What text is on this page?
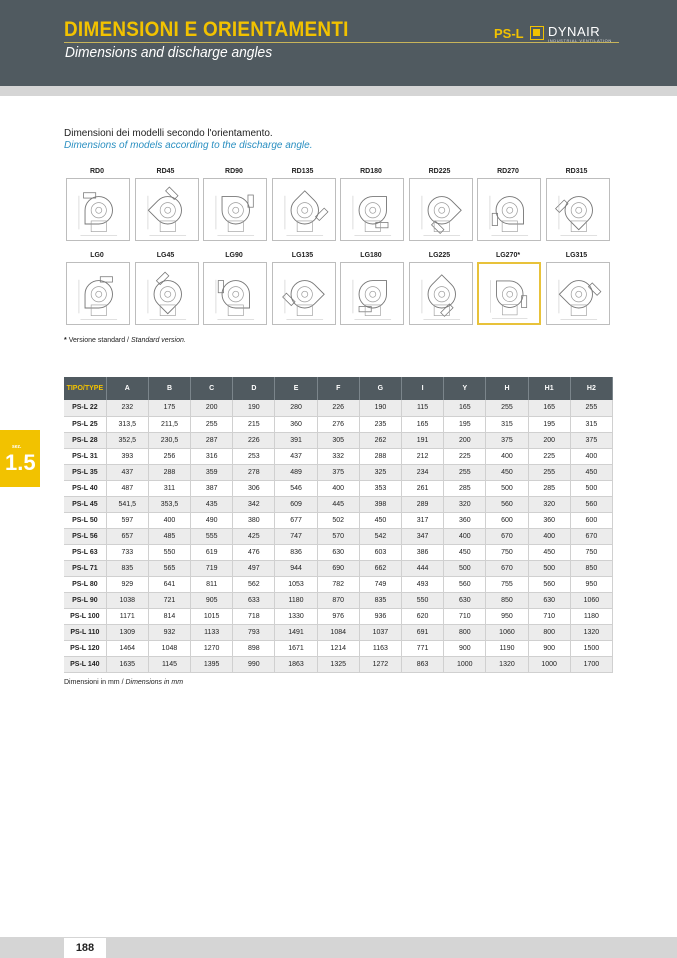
DIMENSIONI E ORIENTAMENTI
Dimensions and discharge angles
PS-L DYNAIR
INDUSTRIAL VENTILATION
Dimensioni dei modelli secondo l'orientamento.
Dimensions of models according to the discharge angle.
RD0	RD45	RD90	RD135	RD180	RD225	RD270	RD315
LG0	LG45	LG90	LG135	LG180	LG225	LG270*	LG315
* Versione standard / Standard version.
sez.
1.5
TIPO/TYPE	A	B	C	D	E	F	G	I	Y	H	H1	H2
PS-L 22	232	175	200	190	280	226	190	115	165	255	165	255
PS-L 25	313,5	211,5	255	215	360	276	235	165	195	315	195	315
PS-L 28	352,5	230,5	287	226	391	305	262	191	200	375	200	375
PS-L 31	393	256	316	253	437	332	288	212	225	400	225	400
PS-L 35	437	288	359	278	489	375	325	234	255	450	255	450
PS-L 40	487	311	387	306	546	400	353	261	285	500	285	500
PS-L 45	541,5	353,5	435	342	609	445	398	289	320	560	320	560
PS-L 50	597	400	490	380	677	502	450	317	360	600	360	600
PS-L 56	657	485	555	425	747	570	542	347	400	670	400	670
PS-L 63	733	550	619	476	836	630	603	386	450	750	450	750
PS-L 71	835	565	719	497	944	690	662	444	500	670	500	850
PS-L 80	929	641	811	562	1053	782	749	493	560	755	560	950
PS-L 90	1038	721	905	633	1180	870	835	550	630	850	630	1060
PS-L 100	1171	814	1015	718	1330	976	936	620	710	950	710	1180
PS-L 110	1309	932	1133	793	1491	1084	1037	691	800	1060	800	1320
PS-L 120	1464	1048	1270	898	1671	1214	1163	771	900	1190	900	1500
PS-L 140	1635	1145	1395	990	1863	1325	1272	863	1000	1320	1000	1700
Dimensioni in mm / Dimensions in mm
188
